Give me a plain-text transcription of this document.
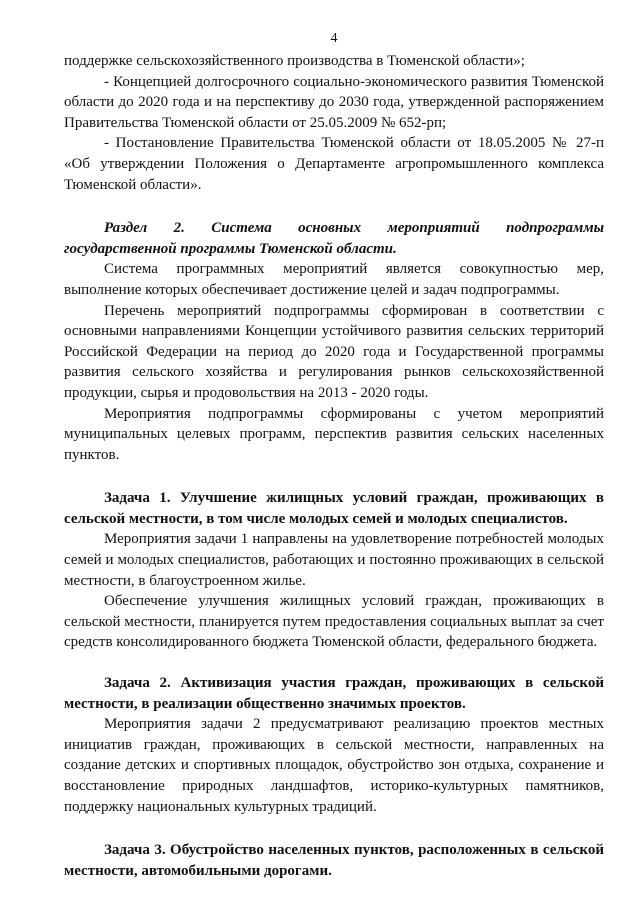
4

поддержке сельскохозяйственного производства в Тюменской области»;

- Концепцией долгосрочного социально-экономического развития Тюменской области до 2020 года и на перспективу до 2030 года, утвержденной распоряжением Правительства Тюменской области от 25.05.2009 № 652-рп;

- Постановление Правительства Тюменской области от 18.05.2005 № 27-п «Об утверждении Положения о Департаменте агропромышленного комплекса Тюменской области».

Раздел 2. Система основных мероприятий подпрограммы

государственной программы Тюменской области.

Система программных мероприятий является совокупностью мер, выполнение которых обеспечивает достижение целей и задач подпрограммы.

Перечень мероприятий подпрограммы сформирован в соответствии с основными направлениями Концепции устойчивого развития сельских территорий Российской Федерации на период до 2020 года и Государственной программы развития сельского хозяйства и регулирования рынков сельскохозяйственной продукции, сырья и продовольствия на 2013 - 2020 годы.

Мероприятия подпрограммы сформированы с учетом мероприятий муниципальных целевых программ, перспектив развития сельских населенных пунктов.

Задача 1. Улучшение жилищных условий граждан, проживающих в сельской местности, в том числе молодых семей и молодых специалистов.

Мероприятия задачи 1 направлены на удовлетворение потребностей молодых семей и молодых специалистов, работающих и постоянно проживающих в сельской местности, в благоустроенном жилье.

Обеспечение улучшения жилищных условий граждан, проживающих в сельской местности, планируется путем предоставления социальных выплат за счет средств консолидированного бюджета Тюменской области, федерального бюджета.

Задача 2. Активизация участия граждан, проживающих в сельской местности, в реализации общественно значимых проектов.

Мероприятия задачи 2 предусматривают реализацию проектов местных инициатив граждан, проживающих в сельской местности, направленных на создание детских и спортивных площадок, обустройство зон отдыха, сохранение и восстановление природных ландшафтов, историко-культурных памятников, поддержку национальных культурных традиций.

Задача 3. Обустройство населенных пунктов, расположенных в сельской местности, автомобильными дорогами.
